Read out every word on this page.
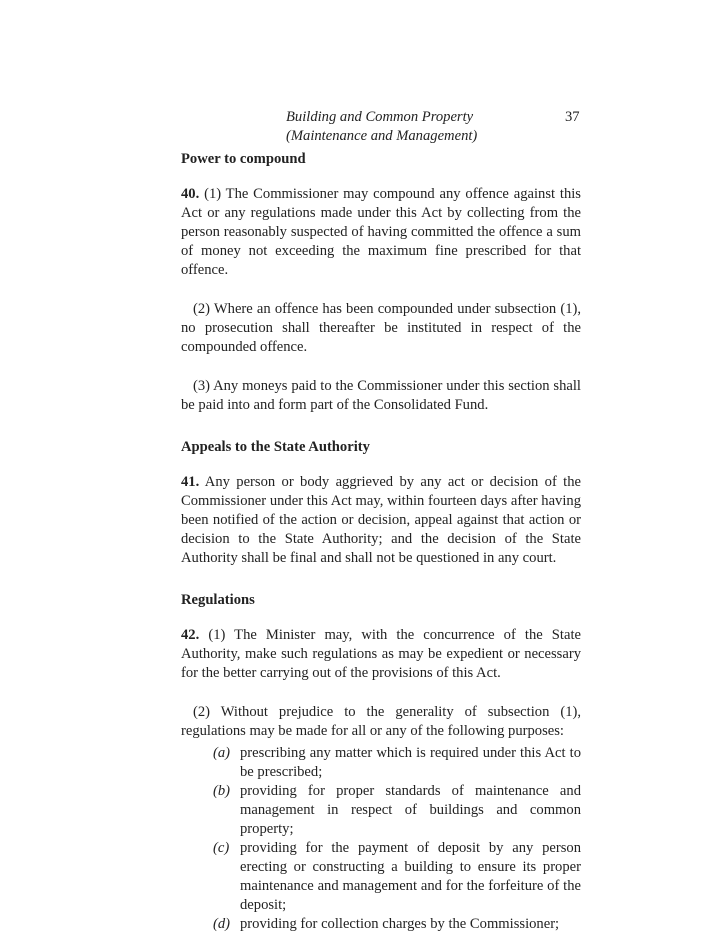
Building and Common Property
(Maintenance and Management)
37

Power to compound

40. (1) The Commissioner may compound any offence against this Act or any regulations made under this Act by collecting from the person reasonably suspected of having committed the offence a sum of money not exceeding the maximum fine prescribed for that offence.

(2) Where an offence has been compounded under subsection (1), no prosecution shall thereafter be instituted in respect of the compounded offence.

(3) Any moneys paid to the Commissioner under this section shall be paid into and form part of the Consolidated Fund.

Appeals to the State Authority

41. Any person or body aggrieved by any act or decision of the Commissioner under this Act may, within fourteen days after having been notified of the action or decision, appeal against that action or decision to the State Authority; and the decision of the State Authority shall be final and shall not be questioned in any court.

Regulations

42. (1) The Minister may, with the concurrence of the State Authority, make such regulations as may be expedient or necessary for the better carrying out of the provisions of this Act.

(2) Without prejudice to the generality of subsection (1), regulations may be made for all or any of the following purposes:

(a) prescribing any matter which is required under this Act to be prescribed;

(b) providing for proper standards of maintenance and management in respect of buildings and common property;

(c) providing for the payment of deposit by any person erecting or constructing a building to ensure its proper maintenance and management and for the forfeiture of the deposit;

(d) providing for collection charges by the Commissioner;
